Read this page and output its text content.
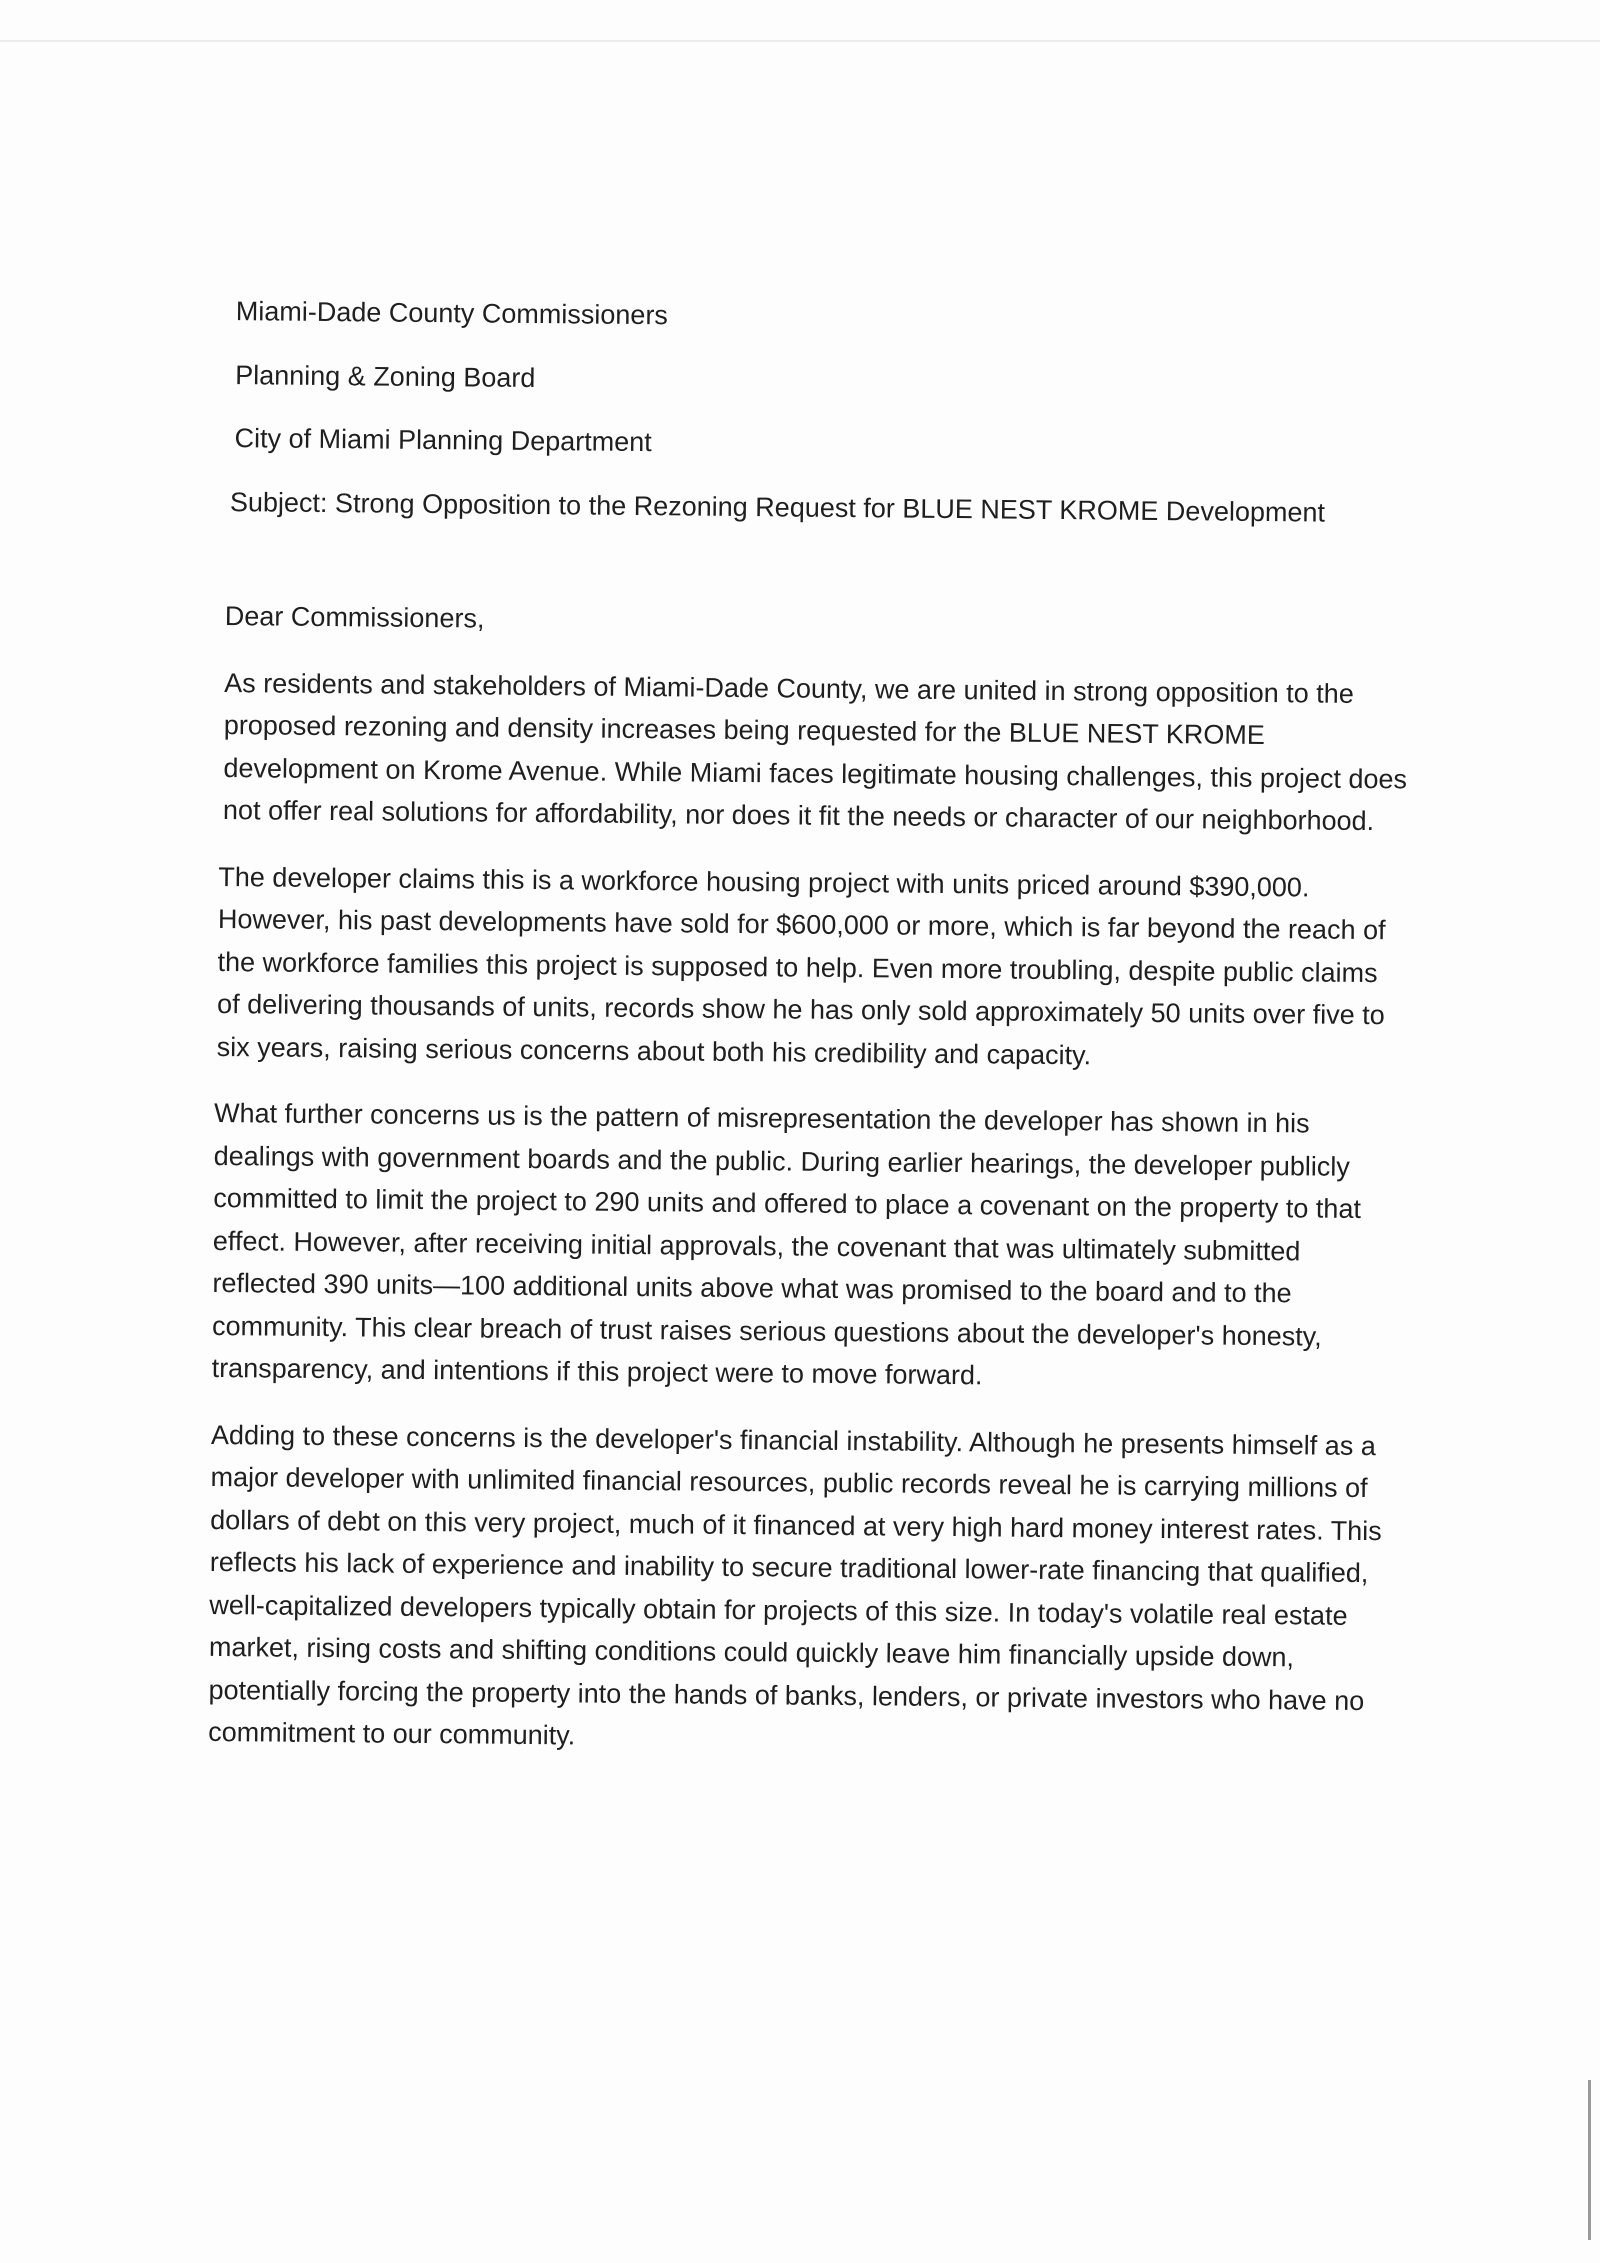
Miami-Dade County Commissioners
Planning & Zoning Board
City of Miami Planning Department
Subject: Strong Opposition to the Rezoning Request for BLUE NEST KROME Development
Dear Commissioners,
As residents and stakeholders of Miami-Dade County, we are united in strong opposition to the proposed rezoning and density increases being requested for the BLUE NEST KROME development on Krome Avenue. While Miami faces legitimate housing challenges, this project does not offer real solutions for affordability, nor does it fit the needs or character of our neighborhood.
The developer claims this is a workforce housing project with units priced around $390,000. However, his past developments have sold for $600,000 or more, which is far beyond the reach of the workforce families this project is supposed to help. Even more troubling, despite public claims of delivering thousands of units, records show he has only sold approximately 50 units over five to six years, raising serious concerns about both his credibility and capacity.
What further concerns us is the pattern of misrepresentation the developer has shown in his dealings with government boards and the public. During earlier hearings, the developer publicly committed to limit the project to 290 units and offered to place a covenant on the property to that effect. However, after receiving initial approvals, the covenant that was ultimately submitted reflected 390 units—100 additional units above what was promised to the board and to the community. This clear breach of trust raises serious questions about the developer's honesty, transparency, and intentions if this project were to move forward.
Adding to these concerns is the developer's financial instability. Although he presents himself as a major developer with unlimited financial resources, public records reveal he is carrying millions of dollars of debt on this very project, much of it financed at very high hard money interest rates. This reflects his lack of experience and inability to secure traditional lower-rate financing that qualified, well-capitalized developers typically obtain for projects of this size. In today's volatile real estate market, rising costs and shifting conditions could quickly leave him financially upside down, potentially forcing the property into the hands of banks, lenders, or private investors who have no commitment to our community.
